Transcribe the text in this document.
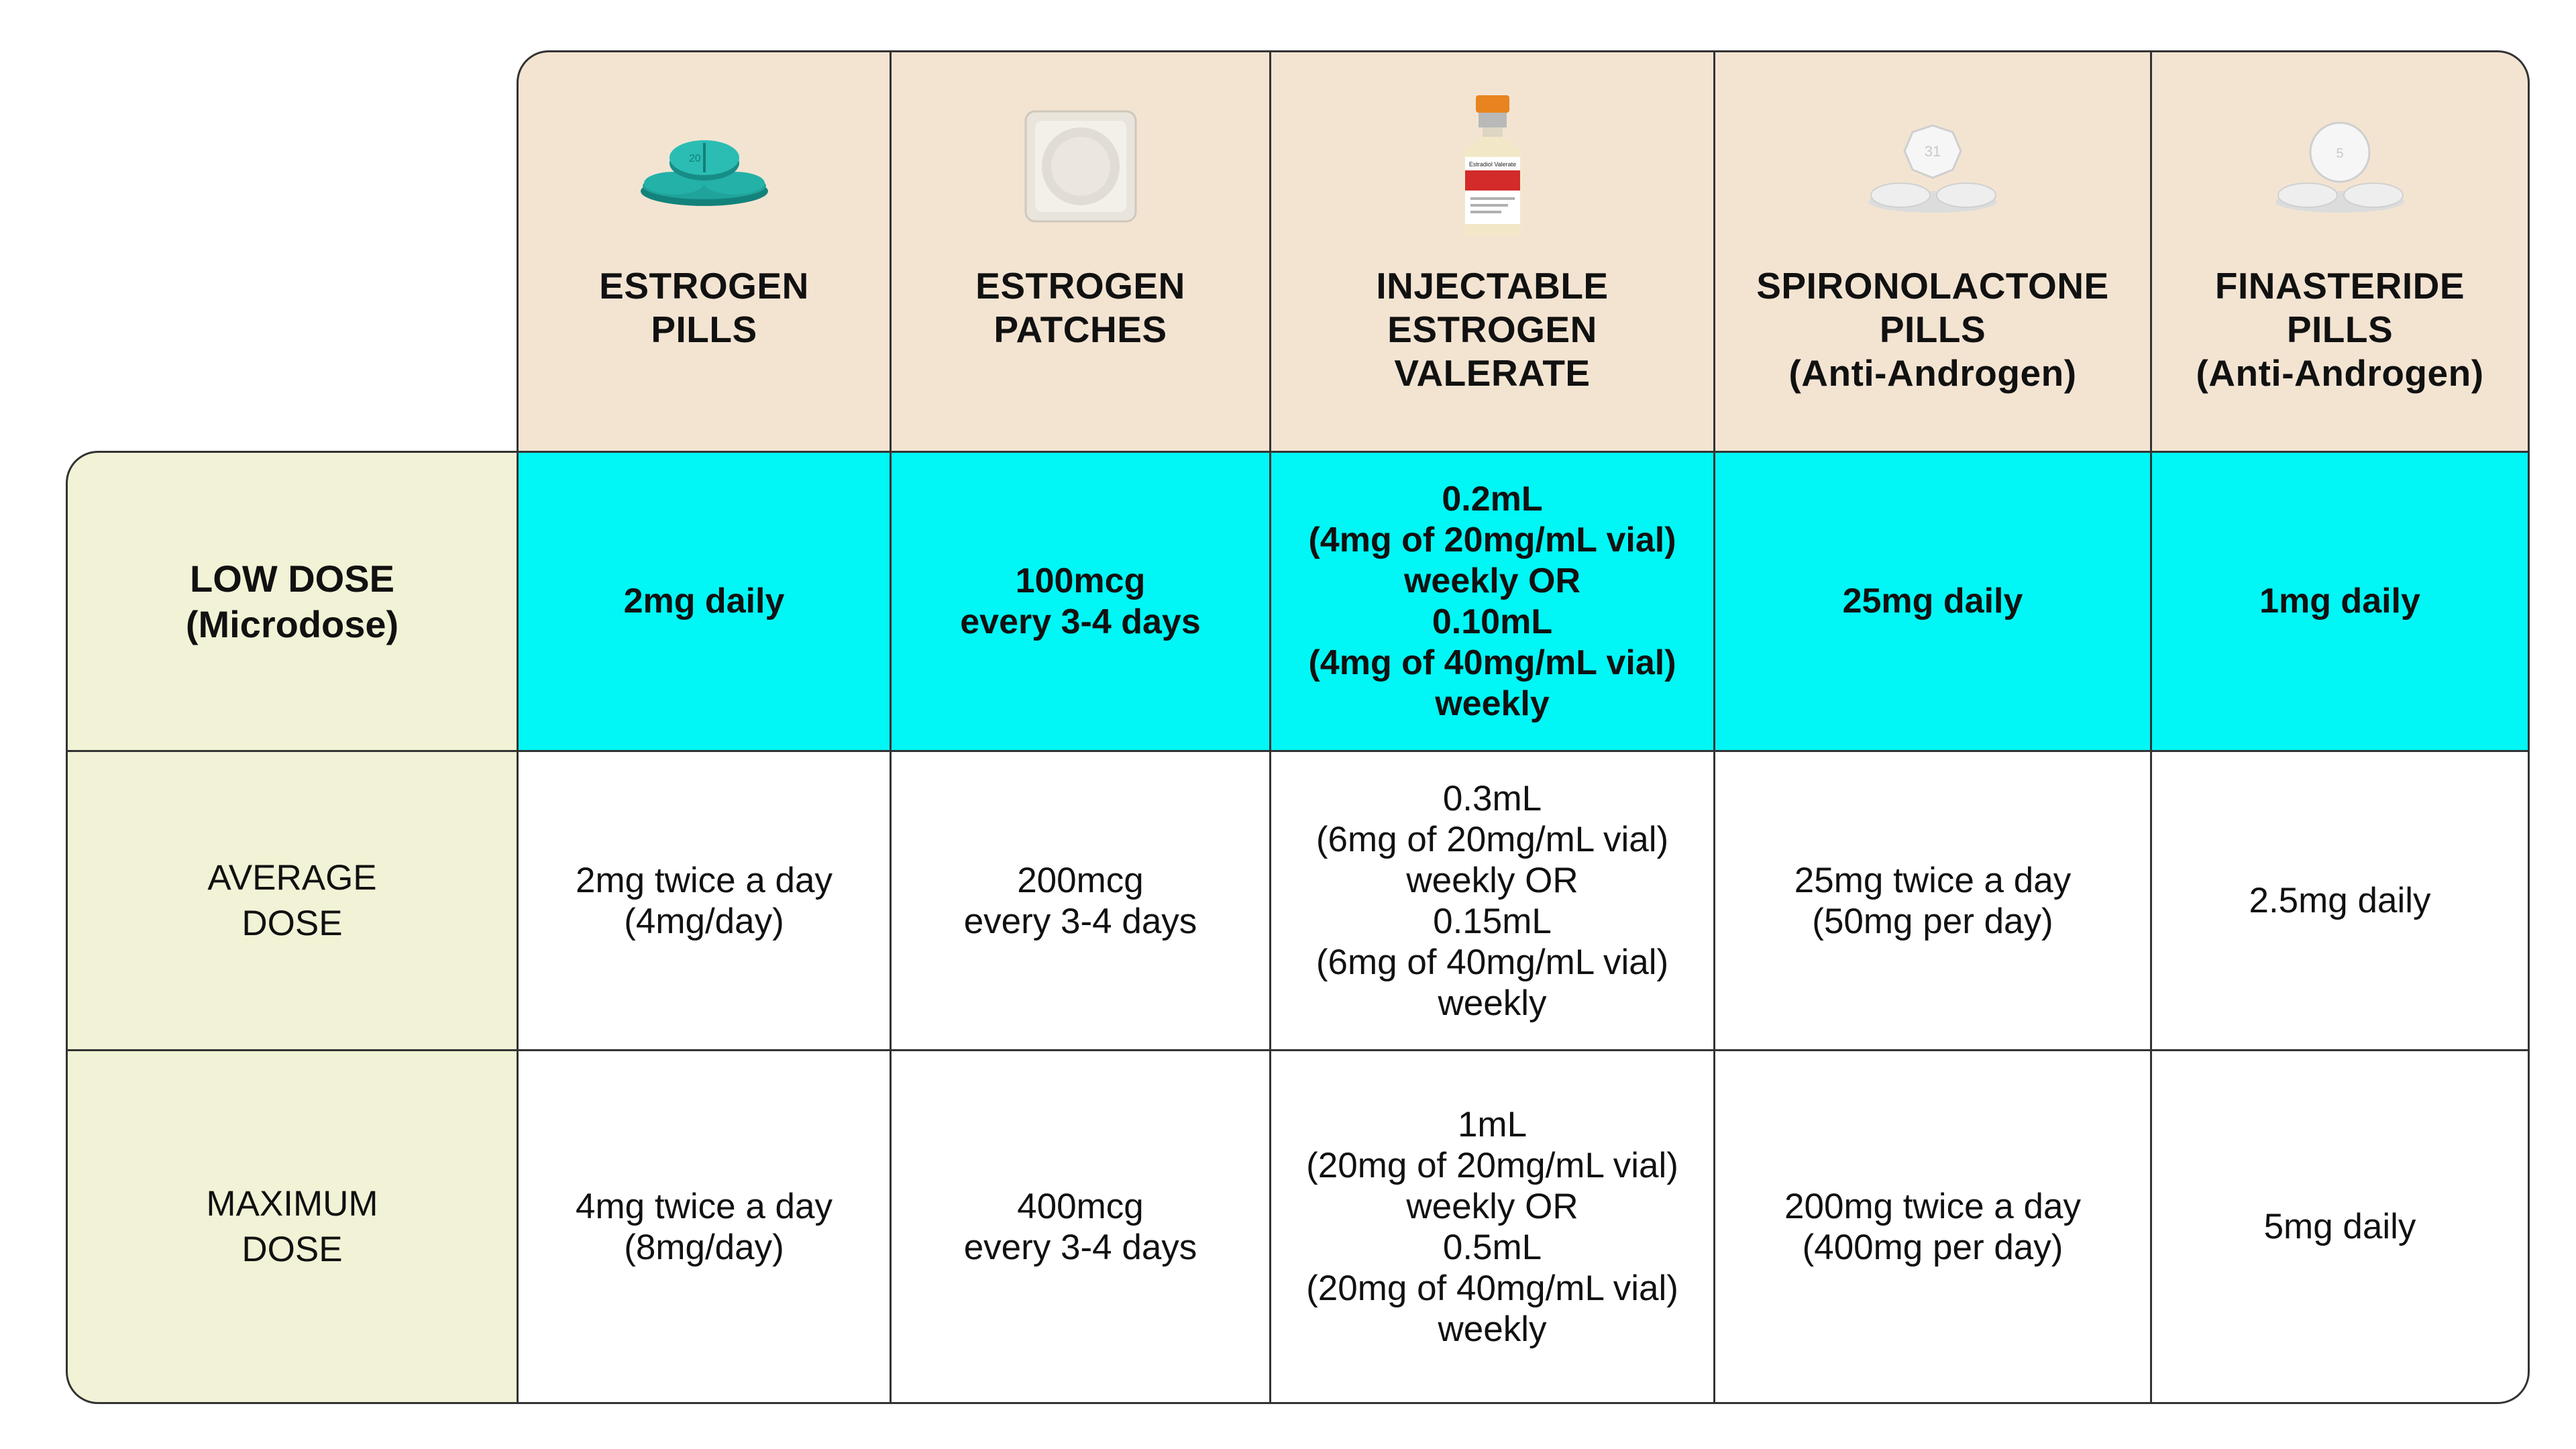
20
ESTROGEN
PILLS
ESTROGEN
PATCHES
Estradiol Valerate
INJECTABLE
ESTROGEN
VALERATE
31
SPIRONOLACTONE
PILLS
(Anti-Androgen)
5
FINASTERIDE
PILLS
(Anti-Androgen)
LOW DOSE
(Microdose)
2mg daily
100mcg
every 3-4 days
0.2mL
(4mg of 20mg/mL vial)
weekly OR
0.10mL
(4mg of 40mg/mL vial)
weekly
25mg daily	1mg daily
AVERAGE
DOSE
2mg twice a day
(4mg/day)
200mcg
every 3-4 days
0.3mL
(6mg of 20mg/mL vial)
weekly OR
0.15mL
(6mg of 40mg/mL vial)
weekly
25mg twice a day
(50mg per day)
2.5mg daily
MAXIMUM
DOSE
4mg twice a day
(8mg/day)
400mcg
every 3-4 days
1mL
(20mg of 20mg/mL vial)
weekly OR
0.5mL
(20mg of 40mg/mL vial)
weekly
200mg twice a day
(400mg per day)
5mg daily
